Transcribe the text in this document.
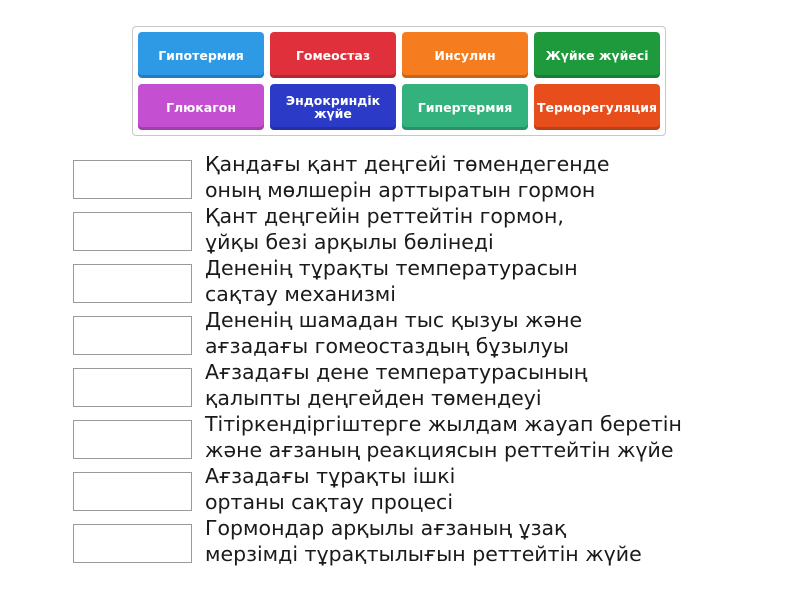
Гипотермия	Гомеостаз	Инсулин	Жүйке жүйесі
Глюкагон	Эндокриндік жүйе	Гипертермия	Терморегуляция
Қандағы қант деңгейі төмендегенде
оның мөлшерін арттыратын гормон
Қант деңгейін реттейтін гормон,
ұйқы безі арқылы бөлінеді
Дененің тұрақты температурасын
сақтау механизмі
Дененің шамадан тыс қызуы және
ағзадағы гомеостаздың бұзылуы
Ағзадағы дене температурасының
қалыпты деңгейден төмендеуі
Тітіркендіргіштерге жылдам жауап беретін
және ағзаның реакциясын реттейтін жүйе
Ағзадағы тұрақты ішкі
ортаны сақтау процесі
Гормондар арқылы ағзаның ұзақ
мерзімді тұрақтылығын реттейтін жүйе
